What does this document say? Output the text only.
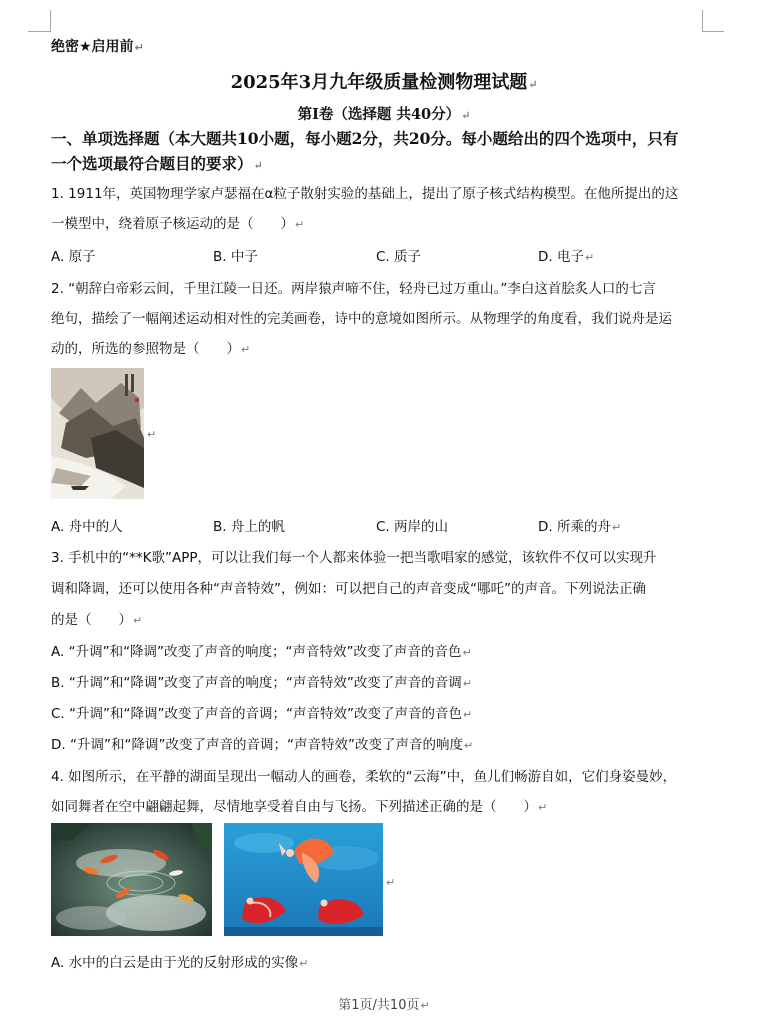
绝密★启用前↵
2025年3月九年级质量检测物理试题↵
第Ⅰ卷（选择题 共40分）↵
一、单项选择题（本大题共10小题，每小题2分，共20分。每小题给出的四个选项中，只有
一个选项最符合题目的要求）↵
1. 1911年，英国物理学家卢瑟福在α粒子散射实验的基础上，提出了原子核式结构模型。在他所提出的这
一模型中，绕着原子核运动的是（　　）↵
A. 原子	B. 中子	C. 质子	D. 电子↵
2. “朝辞白帝彩云间，千里江陵一日还。两岸猿声啼不住，轻舟已过万重山。”李白这首脍炙人口的七言
绝句，描绘了一幅阐述运动相对性的完美画卷，诗中的意境如图所示。从物理学的角度看，我们说舟是运
动的，所选的参照物是（　　）↵
↵
A. 舟中的人	B. 舟上的帆	C. 两岸的山	D. 所乘的舟↵
3. 手机中的“**K歌”APP，可以让我们每一个人都来体验一把当歌唱家的感觉，该软件不仅可以实现升
调和降调，还可以使用各种“声音特效”，例如：可以把自己的声音变成“哪吒”的声音。下列说法正确
的是（　　）↵
A. “升调”和“降调”改变了声音的响度；“声音特效”改变了声音的音色↵
B. “升调”和“降调”改变了声音的响度；“声音特效”改变了声音的音调↵
C. “升调”和“降调”改变了声音的音调；“声音特效”改变了声音的音色↵
D. “升调”和“降调”改变了声音的音调；“声音特效”改变了声音的响度↵
4. 如图所示，在平静的湖面呈现出一幅动人的画卷，柔软的“云海”中，鱼儿们畅游自如，它们身姿曼妙，
如同舞者在空中翩翩起舞，尽情地享受着自由与飞扬。下列描述正确的是（　　）↵
↵
A. 水中的白云是由于光的反射形成的实像↵
第1页/共10页↵
